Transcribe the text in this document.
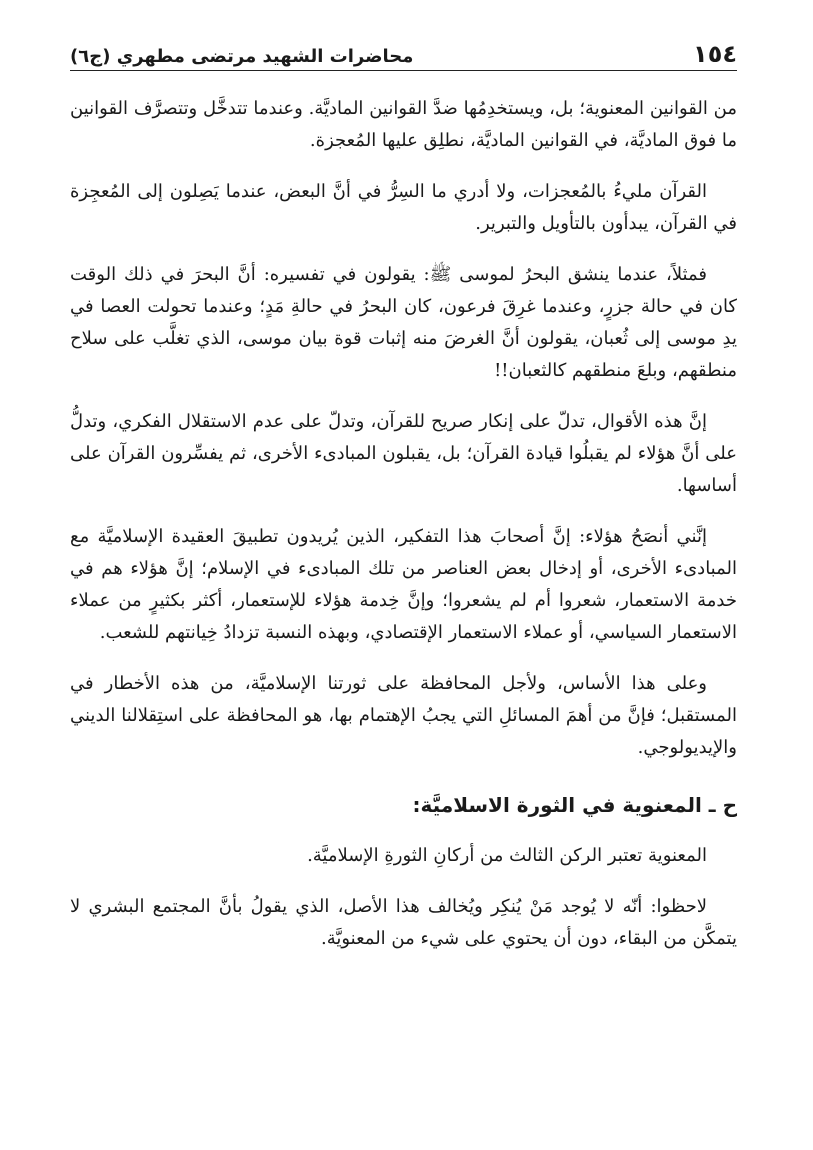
١٥٤
محاضرات الشهيد مرتضى مطهري (ج٦)

من القوانين المعنوية؛ بل، ويستخدِمُها ضدَّ القوانين الماديَّة. وعندما تتدخَّل وتتصرَّف القوانين ما فوق الماديَّة، في القوانين الماديَّة، نطلِق عليها المُعجزة.

القرآن مليءُ بالمُعجزات، ولا أدري ما السِرُّ في أنَّ البعض، عندما يَصِلون إلى المُعجِزة في القرآن، يبدأون بالتأويل والتبرير.

فمثلاً، عندما ينشق البحرُ لموسى ﷺ: يقولون في تفسيره: أنَّ البحرَ في ذلك الوقت كان في حالة جزرٍ، وعندما غرِقَ فرعون، كان البحرُ في حالةِ مَدٍ؛ وعندما تحولت العصا في يدِ موسى إلى ثُعبان، يقولون أنَّ الغرضَ منه إثبات قوة بيان موسى، الذي تغلَّب على سلاح منطقهم، وبلعَ منطقهم كالثعبان!!

إنَّ هذه الأقوال، تدلّ على إنكار صريح للقرآن، وتدلّ على عدم الاستقلال الفكري، وتدلُّ على أنَّ هؤلاء لم يقبلُوا قيادة القرآن؛ بل، يقبلون المبادىء الأخرى، ثم يفسِّرون القرآن على أساسها.

إنَّني أنصَحُ هؤلاء: إنَّ أصحابَ هذا التفكير، الذين يُريدون تطبيقَ العقيدة الإسلاميَّة مع المبادىء الأخرى، أو إدخال بعض العناصر من تلك المبادىء في الإسلام؛ إنَّ هؤلاء هم في خدمة الاستعمار، شعروا أم لم يشعروا؛ وإنَّ خِدمة هؤلاء للإستعمار، أكثر بكثيرٍ من عملاء الاستعمار السياسي، أو عملاء الاستعمار الإقتصادي، وبهذه النسبة تزدادُ خِيانتهم للشعب.

وعلى هذا الأساس، ولأجل المحافظة على ثورتنا الإسلاميَّة، من هذه الأخطار في المستقبل؛ فإنَّ من أهمَ المسائلِ التي يجبُ الإهتمام بها، هو المحافظة على استِقلالنا الديني والإيديولوجي.

ح ـ المعنوية في الثورة الاسلاميَّة:

المعنوية تعتبر الركن الثالث من أركانِ الثورةِ الإسلاميَّة.

لاحظوا: أنّه لا يُوجد مَنْ يُنكِر ويُخالف هذا الأصل، الذي يقولُ بأنَّ المجتمع البشري لا يتمكَّن من البقاء، دون أن يحتوي على شيء من المعنويَّة.
